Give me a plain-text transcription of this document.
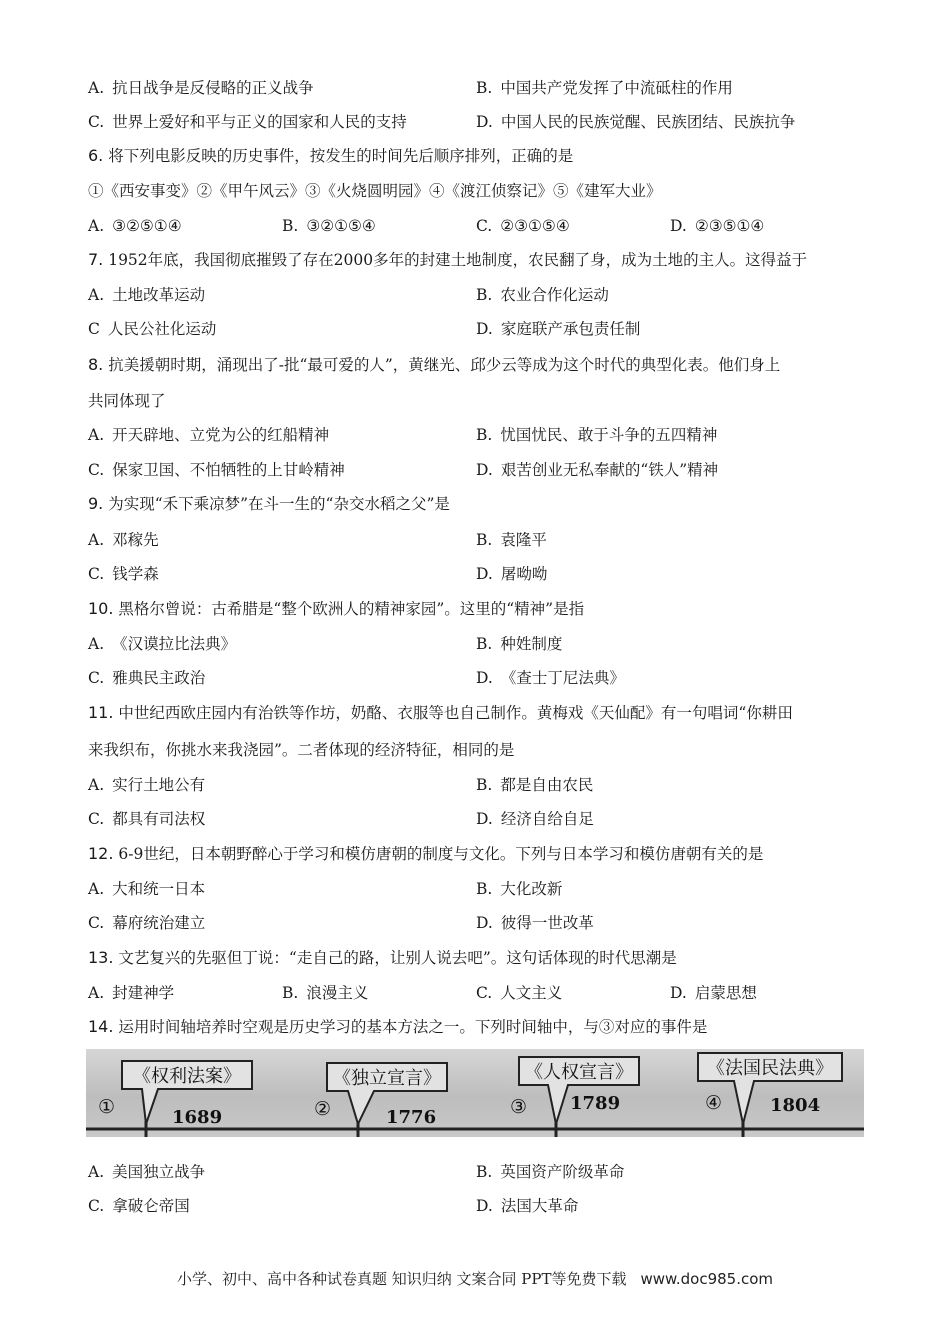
A. 抗日战争是反侵略的正义战争	B. 中国共产党发挥了中流砥柱的作用
C. 世界上爱好和平与正义的国家和人民的支持	D. 中国人民的民族觉醒、民族团结、民族抗争
6. 将下列电影反映的历史事件，按发生的时间先后顺序排列，正确的是
①《西安事变》②《甲午风云》③《火烧圆明园》④《渡江侦察记》⑤《建军大业》
A. ③②⑤①④	B. ③②①⑤④	C. ②③①⑤④	D. ②③⑤①④
7. 1952年底，我国彻底摧毁了存在2000多年的封建土地制度，农民翻了身，成为土地的主人。这得益于
A. 土地改革运动	B. 农业合作化运动
C 人民公社化运动	D. 家庭联产承包责任制
8. 抗美援朝时期，涌现出了-批“最可爱的人”，黄继光、邱少云等成为这个时代的典型化表。他们身上
共同体现了
A. 开天辟地、立党为公的红船精神	B. 忧国忧民、敢于斗争的五四精神
C. 保家卫国、不怕牺牲的上甘岭精神	D. 艰苦创业无私奉献的“铁人”精神
9. 为实现“禾下乘凉梦”在斗一生的“杂交水稻之父”是
A. 邓稼先	B. 袁隆平
C. 钱学森	D. 屠呦呦
10. 黑格尔曾说：古希腊是“整个欧洲人的精神家园”。这里的“精神”是指
A. 《汉谟拉比法典》	B. 种姓制度
C. 雅典民主政治	D. 《查士丁尼法典》
11. 中世纪西欧庄园内有治铁等作坊，奶酪、衣服等也自己制作。黄梅戏《天仙配》有一句唱词“你耕田
来我织布，你挑水来我浇园”。二者体现的经济特征，相同的是
A. 实行土地公有	B. 都是自由农民
C. 都具有司法权	D. 经济自给自足
12. 6-9世纪，日本朝野醉心于学习和模仿唐朝的制度与文化。下列与日本学习和模仿唐朝有关的是
A. 大和统一日本	B. 大化改新
C. 幕府统治建立	D. 彼得一世改革
13. 文艺复兴的先驱但丁说：“走自己的路，让别人说去吧”。这句话体现的时代思潮是
A. 封建神学	B. 浪漫主义	C. 人文主义	D. 启蒙思想
14. 运用时间轴培养时空观是历史学习的基本方法之一。下列时间轴中，与③对应的事件是
《权利法案》
①	1689
《独立宣言》
②	1776
《人权宣言》
③ 1789
《法国民法典》
④	1804
A. 美国独立战争	B. 英国资产阶级革命
C. 拿破仑帝国	D. 法国大革命
小学、初中、高中各种试卷真题 知识归纳 文案合同 PPT等免费下载 www.doc985.com
